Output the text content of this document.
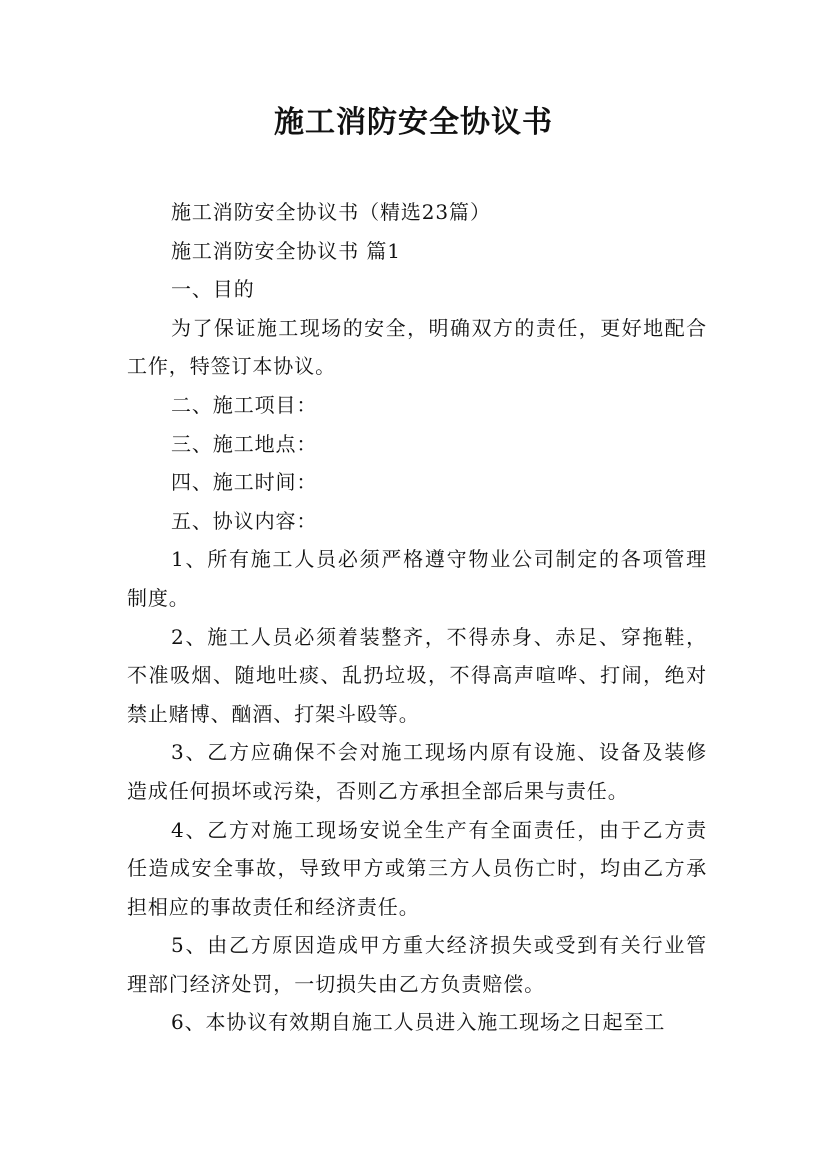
施工消防安全协议书

施工消防安全协议书（精选23篇）

施工消防安全协议书 篇1

一、目的

为了保证施工现场的安全，明确双方的责任，更好地配合工作，特签订本协议。

二、施工项目：

三、施工地点：

四、施工时间：

五、协议内容：

1、所有施工人员必须严格遵守物业公司制定的各项管理制度。

2、施工人员必须着装整齐，不得赤身、赤足、穿拖鞋，不准吸烟、随地吐痰、乱扔垃圾，不得高声喧哗、打闹，绝对禁止赌博、酗酒、打架斗殴等。

3、乙方应确保不会对施工现场内原有设施、设备及装修造成任何损坏或污染，否则乙方承担全部后果与责任。

4、乙方对施工现场安说全生产有全面责任，由于乙方责任造成安全事故，导致甲方或第三方人员伤亡时，均由乙方承担相应的事故责任和经济责任。

5、由乙方原因造成甲方重大经济损失或受到有关行业管理部门经济处罚，一切损失由乙方负责赔偿。

6、本协议有效期自施工人员进入施工现场之日起至工
